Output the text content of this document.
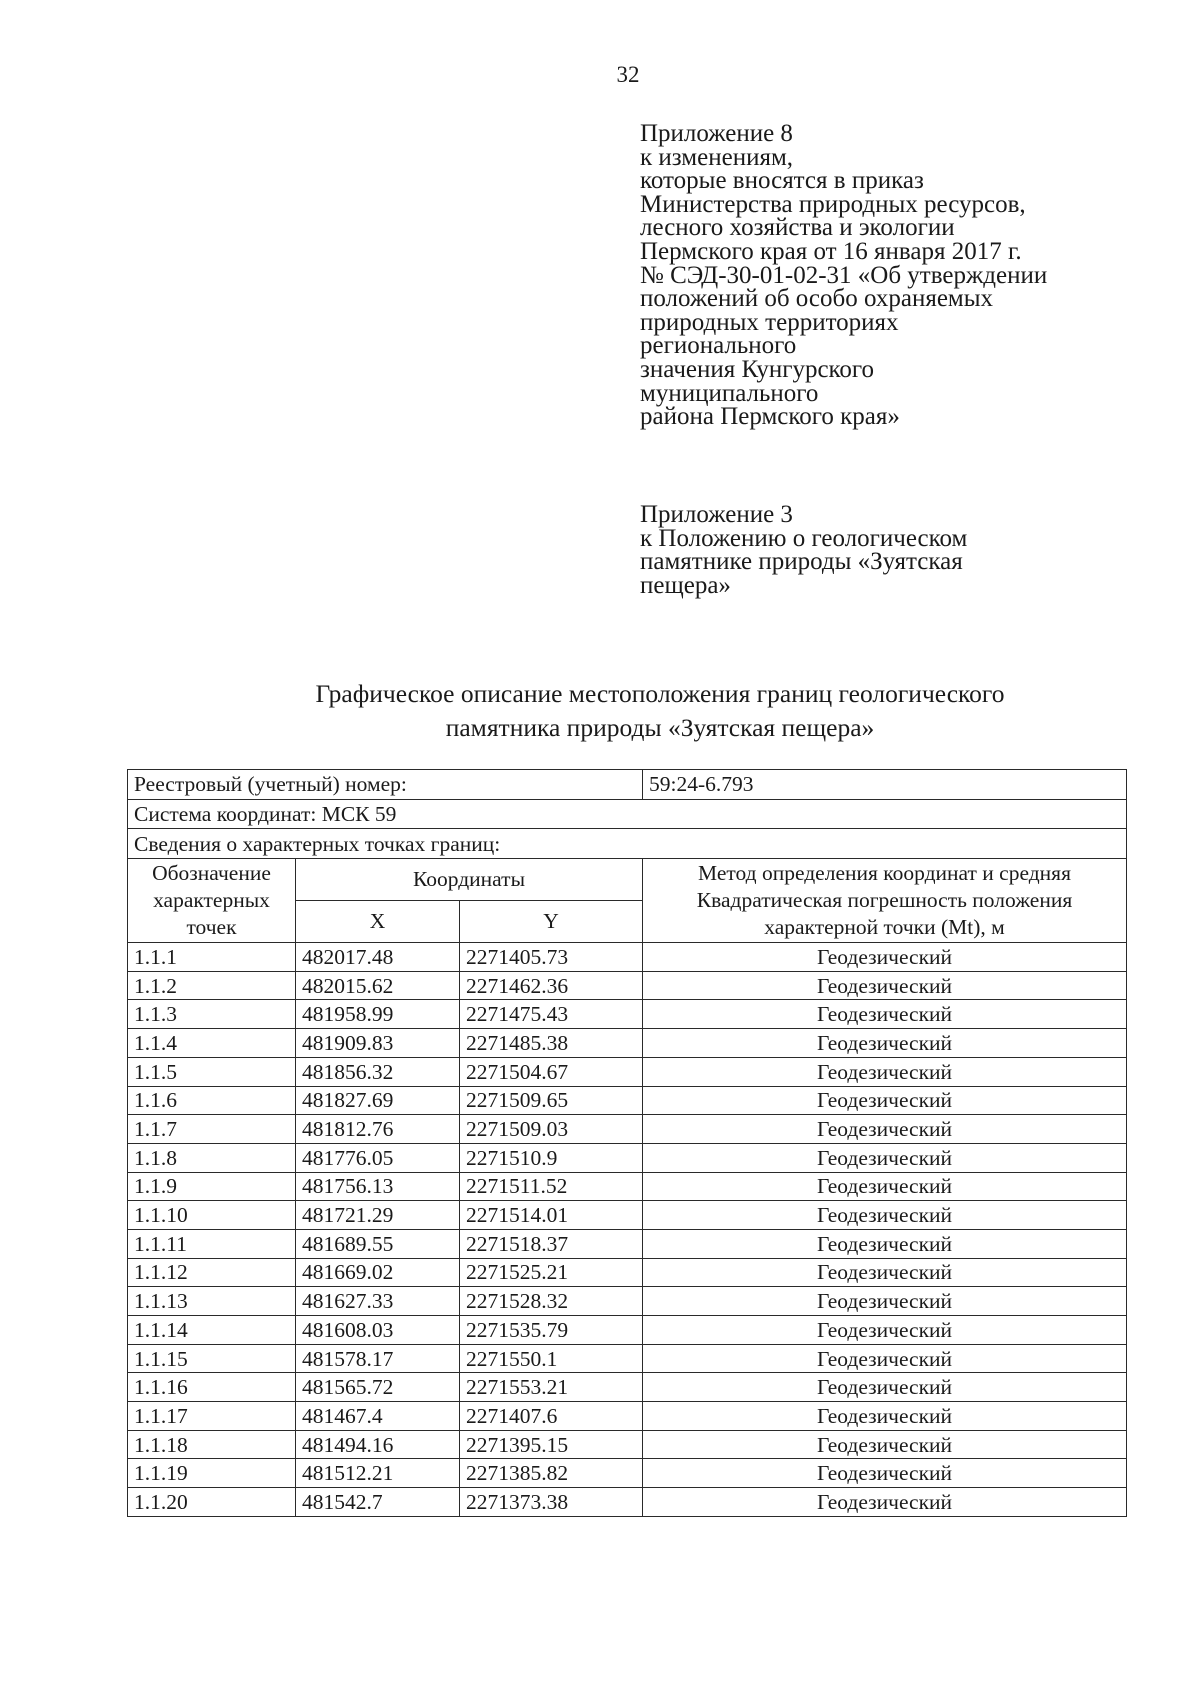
32
Приложение 8
к изменениям,
которые вносятся в приказ
Министерства природных ресурсов,
лесного хозяйства и экологии
Пермского края от 16 января 2017 г.
№ СЭД-30-01-02-31 «Об утверждении
положений об особо охраняемых
природных территориях
регионального
значения Кунгурского
муниципального
района Пермского края»
Приложение 3
к Положению о геологическом
памятнике природы «Зуятская
пещера»
Графическое описание местоположения границ геологического
памятника природы «Зуятская пещера»
Реестровый (учетный) номер:			59:24-6.793
Система координат: МСК 59			
Сведения о характерных точках границ:			

Обозначение
характерных
точек	Координаты		Метод определения координат и средняя
Квадратическая погрешность положения
характерной точки (Mt), м

	X	Y	
1.1.1	482017.48	2271405.73	Геодезический
1.1.2	482015.62	2271462.36	Геодезический
1.1.3	481958.99	2271475.43	Геодезический
1.1.4	481909.83	2271485.38	Геодезический
1.1.5	481856.32	2271504.67	Геодезический
1.1.6	481827.69	2271509.65	Геодезический
1.1.7	481812.76	2271509.03	Геодезический
1.1.8	481776.05	2271510.9	Геодезический
1.1.9	481756.13	2271511.52	Геодезический
1.1.10	481721.29	2271514.01	Геодезический
1.1.11	481689.55	2271518.37	Геодезический
1.1.12	481669.02	2271525.21	Геодезический
1.1.13	481627.33	2271528.32	Геодезический
1.1.14	481608.03	2271535.79	Геодезический
1.1.15	481578.17	2271550.1	Геодезический
1.1.16	481565.72	2271553.21	Геодезический
1.1.17	481467.4	2271407.6	Геодезический
1.1.18	481494.16	2271395.15	Геодезический
1.1.19	481512.21	2271385.82	Геодезический
1.1.20	481542.7	2271373.38	Геодезический
